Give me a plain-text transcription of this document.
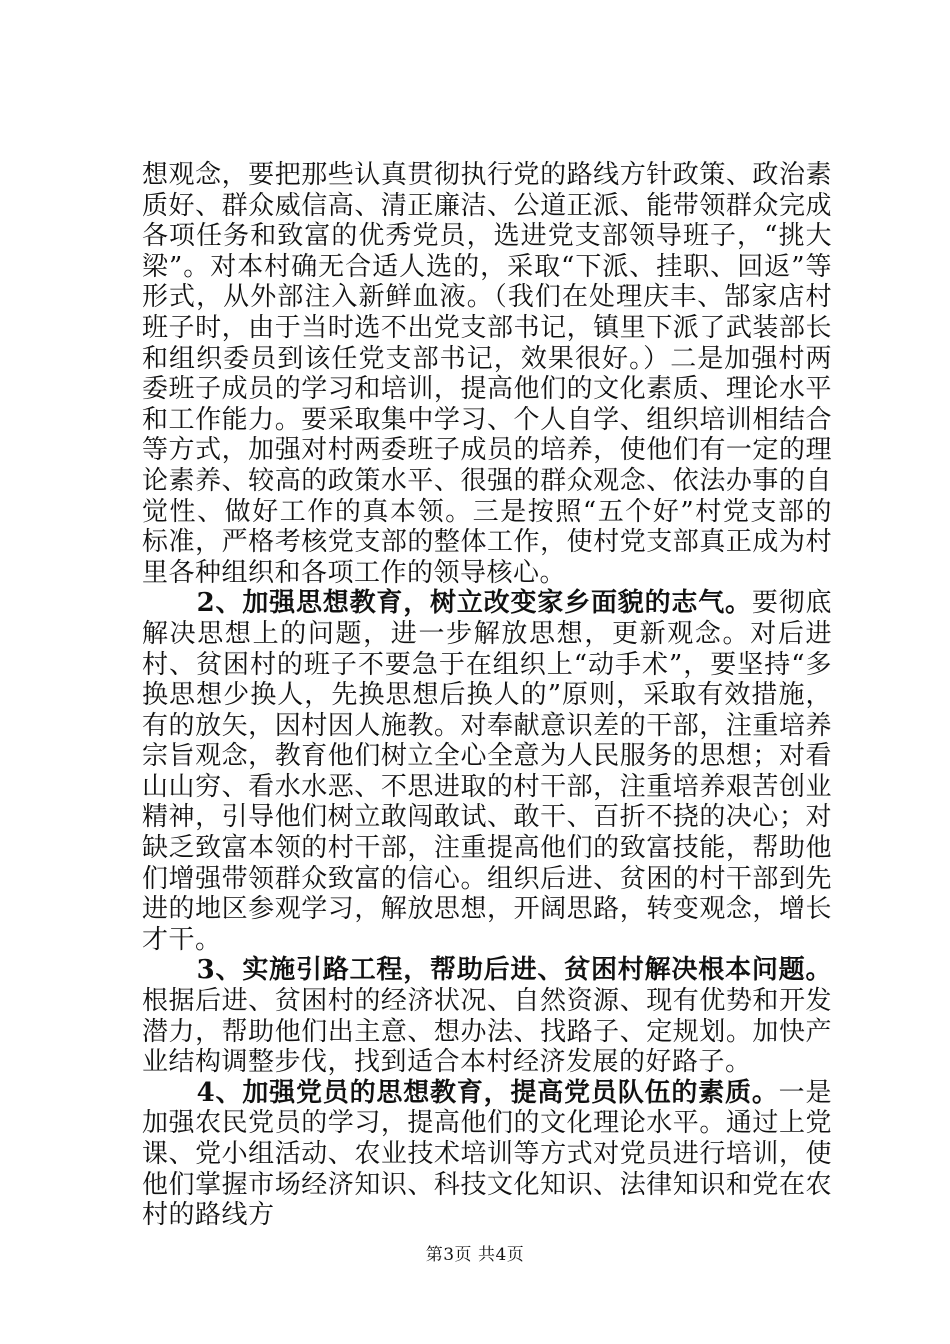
想观念，要把那些认真贯彻执行党的路线方针政策、政治素质好、群众威信高、清正廉洁、公道正派、能带领群众完成各项任务和致富的优秀党员，选进党支部领导班子，“挑大梁”。对本村确无合适人选的，采取“下派、挂职、回返”等形式，从外部注入新鲜血液。（我们在处理庆丰、郜家店村班子时，由于当时选不出党支部书记，镇里下派了武装部长和组织委员到该任党支部书记，效果很好。）二是加强村两委班子成员的学习和培训，提高他们的文化素质、理论水平和工作能力。要采取集中学习、个人自学、组织培训相结合等方式，加强对村两委班子成员的培养，使他们有一定的理论素养、较高的政策水平、很强的群众观念、依法办事的自觉性、做好工作的真本领。三是按照“五个好”村党支部的标准，严格考核党支部的整体工作，使村党支部真正成为村里各种组织和各项工作的领导核心。

2、加强思想教育，树立改变家乡面貌的志气。要彻底解决思想上的问题，进一步解放思想，更新观念。对后进村、贫困村的班子不要急于在组织上“动手术”，要坚持“多换思想少换人，先换思想后换人的”原则，采取有效措施，有的放矢，因村因人施教。对奉献意识差的干部，注重培养宗旨观念，教育他们树立全心全意为人民服务的思想；对看山山穷、看水水恶、不思进取的村干部，注重培养艰苦创业精神，引导他们树立敢闯敢试、敢干、百折不挠的决心；对缺乏致富本领的村干部，注重提高他们的致富技能，帮助他们增强带领群众致富的信心。组织后进、贫困的村干部到先进的地区参观学习，解放思想，开阔思路，转变观念，增长才干。

3、实施引路工程，帮助后进、贫困村解决根本问题。根据后进、贫困村的经济状况、自然资源、现有优势和开发潜力，帮助他们出主意、想办法、找路子、定规划。加快产业结构调整步伐，找到适合本村经济发展的好路子。

4、加强党员的思想教育，提高党员队伍的素质。一是加强农民党员的学习，提高他们的文化理论水平。通过上党课、党小组活动、农业技术培训等方式对党员进行培训，使他们掌握市场经济知识、科技文化知识、法律知识和党在农村的路线方

第3页 共4页
